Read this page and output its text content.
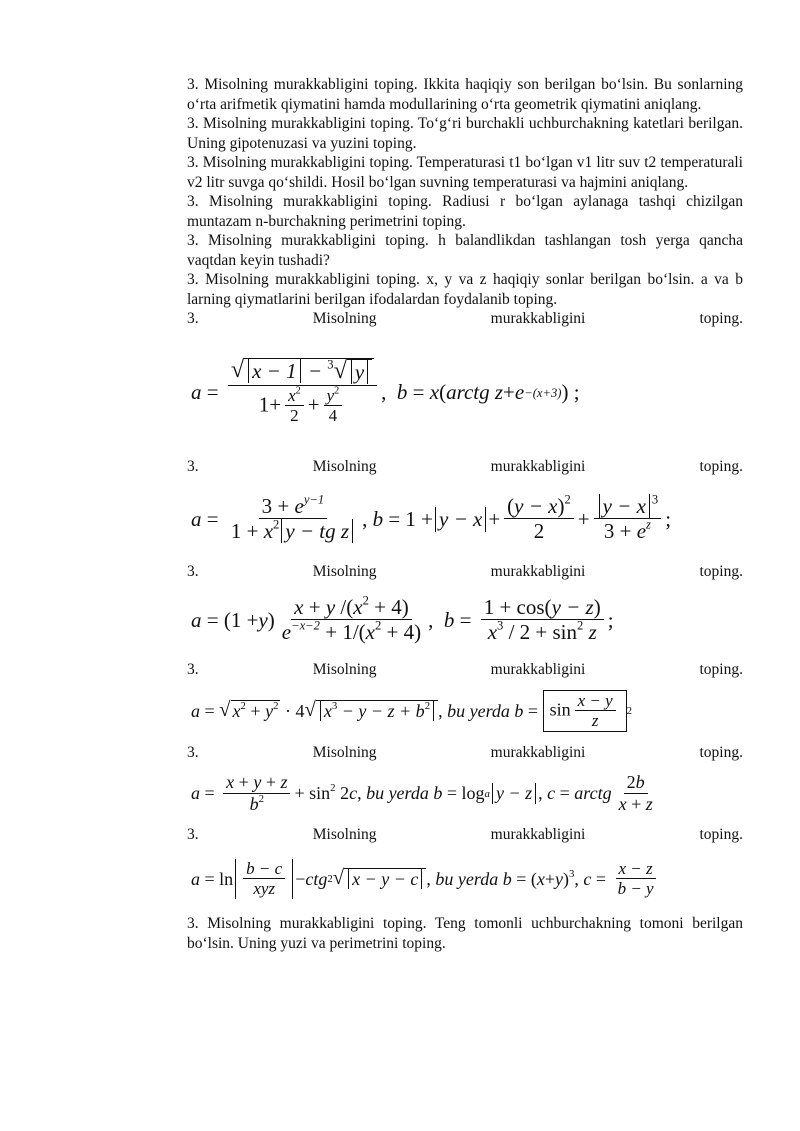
3. Misolning murakkabligini toping. Ikkita haqiqiy son berilgan bo‘lsin. Bu sonlarning o‘rta arifmetik qiymatini hamda modullarining o‘rta geometrik qiymatini aniqlang.

3. Misolning murakkabligini toping. To‘g‘ri burchakli uchburchakning katetlari berilgan. Uning gipotenuzasi va yuzini toping.

3. Misolning murakkabligini toping. Temperaturasi t1 bo‘lgan v1 litr suv t2 temperaturali v2 litr suvga qo‘shildi. Hosil bo‘lgan suvning temperaturasi va hajmini aniqlang.

3. Misolning murakkabligini toping. Radiusi r bo‘lgan aylanaga tashqi chizilgan muntazam n-burchakning perimetrini toping.

3. Misolning murakkabligini toping. h balandlikdan tashlangan tosh yerga qancha vaqtdan keyin tushadi?

3. Misolning murakkabligini toping. x, y va z haqiqiy sonlar berilgan bo‘lsin. a va b larning qiymatlarini berilgan ifodalardan foydalanib toping.

3.	Misolning	murakkabligini	toping.
$a = \frac{√ x - 1 - ^3 √ y}{1+ \frac{x^2}{2} + \frac{y^2}{4}}$ , b = x ( arctg z + e −(x+3) ) ;
3.	Misolning	murakkabligini	toping.
$a = \frac{3 + e^{y-1}}{1 + x^2 y - tg z}$ , $b = 1 + y - x + \frac{(y - x)^2}{2} + \frac{y - x ^3}{3 + e^z}$ ;
3.	Misolning	murakkabligini	toping.
a = (1 + y ) $\frac{x + y /(x^2 + 4)}{e^{-x-2} + 1/(x^2 + 4)}$ , $b = \frac{1 + \cos(y - z)}{x^3 / 2 + \sin^2 z}$ ;
3.	Misolning	murakkabligini	toping.
a = √ $x^2 + y^2 \cdot 4$ √ $x^3 - y - z + b^2$ , bu yerda $b = \sin \frac{x - y}{z} 2$
3.	Misolning	murakkabligini	toping.
$a = \frac{x + y + z}{b^2} + \sin^2 2$ c , bu yerda b = log a y − z , c = arctg $\frac{2b}{x + z}$
3.	Misolning	murakkabligini	toping.
$a = \ln \frac{b - c}{\text{xyz}}$ − ctg 2 √ x − y − c , bu yerda b = ( x + y )$^3$, $c = \frac{x - z}{b - y}$

3. Misolning murakkabligini toping. Teng tomonli uchburchakning tomoni berilgan bo‘lsin. Uning yuzi va perimetrini toping.
